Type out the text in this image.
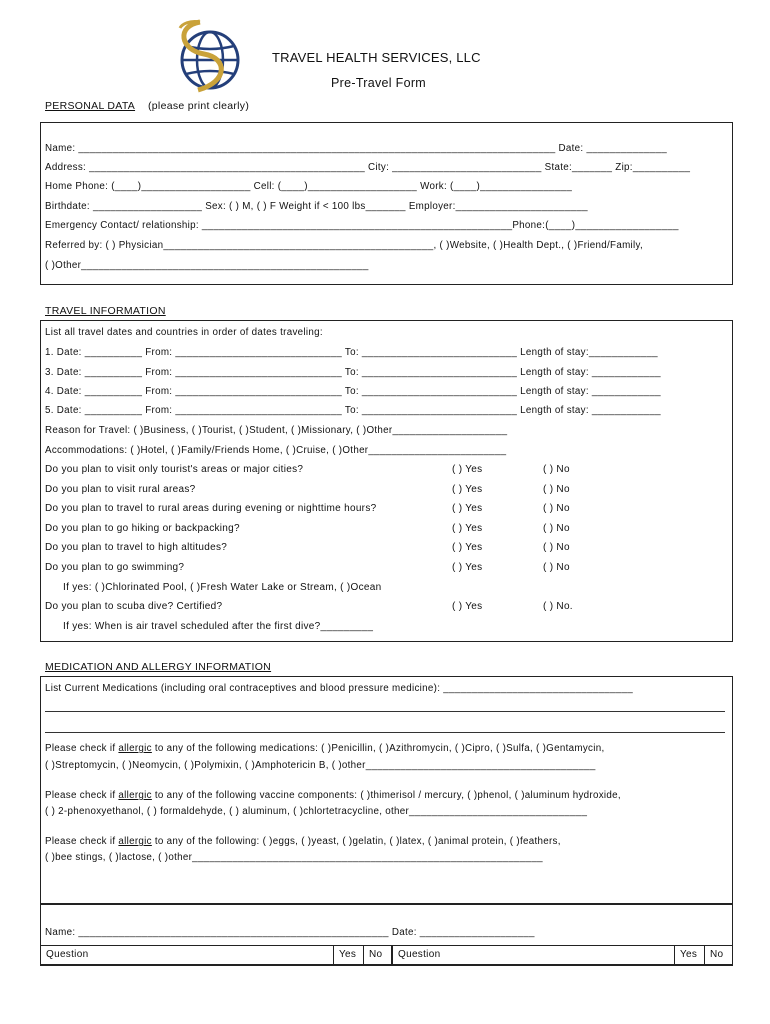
TRAVEL HEALTH SERVICES, LLC
Pre-Travel Form
PERSONAL DATA (please print clearly)
Name: ___________________________________________________________________________________ Date: ______________
Address: ________________________________________________ City: __________________________ State:_______ Zip:__________
Home Phone: (____)___________________ Cell: (____)___________________ Work: (____)________________
Birthdate: ___________________ Sex: ( ) M, ( ) F Weight if < 100 lbs_______ Employer:_______________________
Emergency Contact/ relationship: ______________________________________________________Phone:(____)__________________
Referred by: ( ) Physician_______________________________________________, ( )Website, ( )Health Dept., ( )Friend/Family,
( )Other__________________________________________________
TRAVEL INFORMATION
List all travel dates and countries in order of dates traveling:
1. Date: __________ From: _____________________________ To: ___________________________ Length of stay:____________
3. Date: __________ From: _____________________________ To: ___________________________ Length of stay: ____________
4. Date: __________ From: _____________________________ To: ___________________________ Length of stay: ____________
5. Date: __________ From: _____________________________ To: ___________________________ Length of stay: ____________
Reason for Travel: ( )Business, ( )Tourist, ( )Student, ( )Missionary, ( )Other____________________
Accommodations: ( )Hotel, ( )Family/Friends Home, ( )Cruise, ( )Other________________________
Do you plan to visit only tourist's areas or major cities?	( ) Yes	( ) No
Do you plan to visit rural areas?	( ) Yes	( ) No
Do you plan to travel to rural areas during evening or nighttime hours?	( ) Yes	( ) No
Do you plan to go hiking or backpacking?	( ) Yes	( ) No
Do you plan to travel to high altitudes?	( ) Yes	( ) No
Do you plan to go swimming?	( ) Yes	( ) No
If yes: ( )Chlorinated Pool, ( )Fresh Water Lake or Stream, ( )Ocean
Do you plan to scuba dive? Certified?	( ) Yes	( ) No.
If yes: When is air travel scheduled after the first dive?_________
MEDICATION AND ALLERGY INFORMATION
List Current Medications (including oral contraceptives and blood pressure medicine): _________________________________
Please check if allergic to any of the following medications: ( )Penicillin, ( )Azithromycin, ( )Cipro, ( )Sulfa, ( )Gentamycin,
( )Streptomycin, ( )Neomycin, ( )Polymixin, ( )Amphotericin B, ( )other________________________________________
Please check if allergic to any of the following vaccine components: ( )thimerisol / mercury, ( )phenol, ( )aluminum hydroxide,
( ) 2-phenoxyethanol, ( ) formaldehyde, ( ) aluminum, ( )chlortetracycline, other_______________________________
Please check if allergic to any of the following: ( )eggs, ( )yeast, ( )gelatin, ( )latex, ( )animal protein, ( )feathers,
( )bee stings, ( )lactose, ( )other_____________________________________________________________
Name: ______________________________________________________ Date: ____________________
Question	Yes	No	Question	Yes	No
